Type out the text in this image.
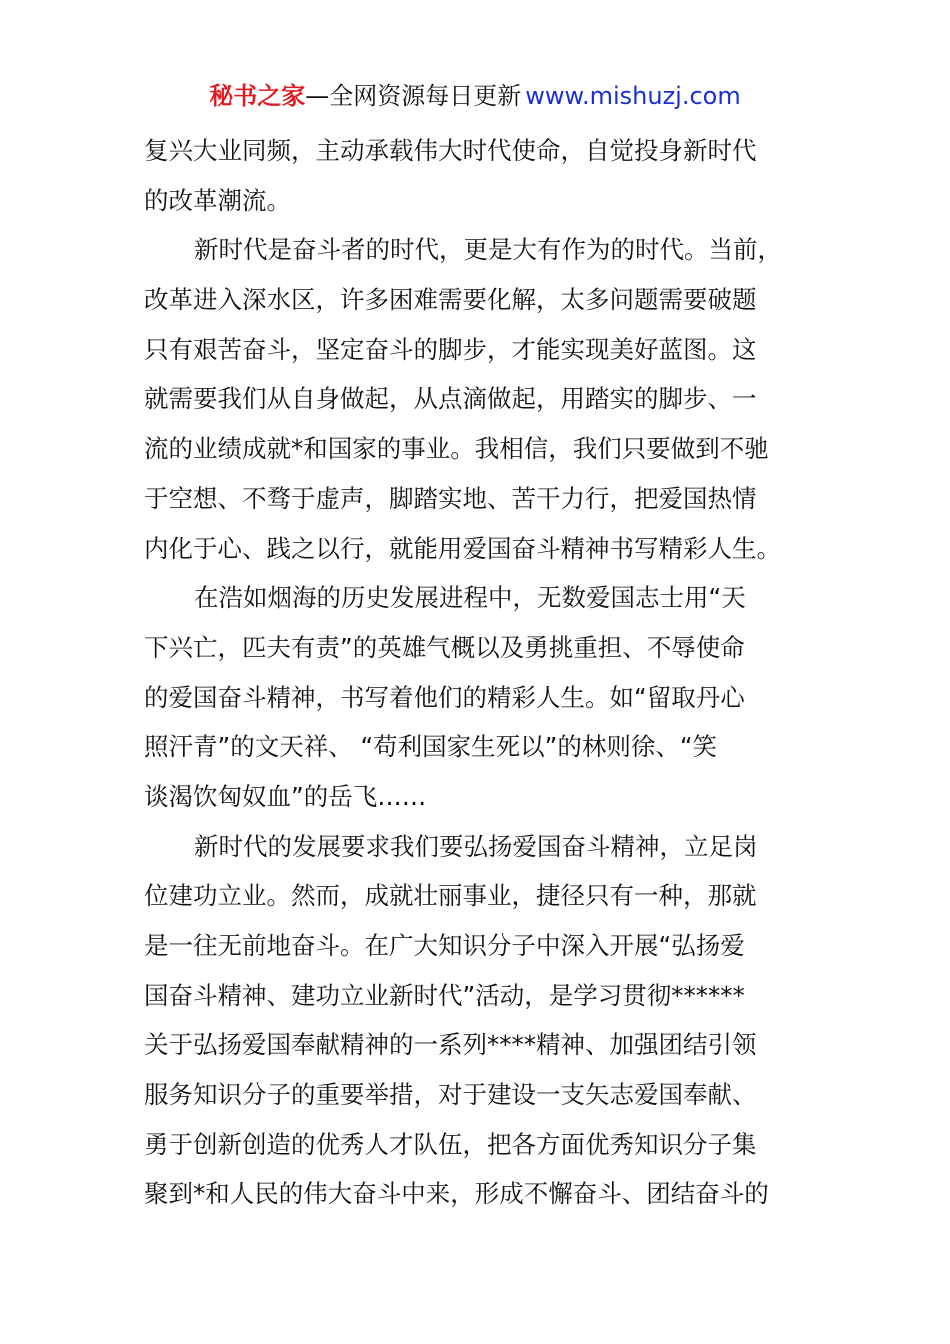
秘书之家—全网资源每日更新 www.mishuzj.com
复兴大业同频，主动承载伟大时代使命，自觉投身新时代
的改革潮流。
新时代是奋斗者的时代，更是大有作为的时代。当前，
改革进入深水区，许多困难需要化解，太多问题需要破题
只有艰苦奋斗，坚定奋斗的脚步，才能实现美好蓝图。这
就需要我们从自身做起，从点滴做起，用踏实的脚步、一
流的业绩成就*和国家的事业。我相信，我们只要做到不驰
于空想、不骛于虚声，脚踏实地、苦干力行，把爱国热情
内化于心、践之以行，就能用爱国奋斗精神书写精彩人生。
在浩如烟海的历史发展进程中，无数爱国志士用“天
下兴亡，匹夫有责”的英雄气概以及勇挑重担、不辱使命
的爱国奋斗精神，书写着他们的精彩人生。如“留取丹心
照汗青”的文天祥、 “苟利国家生死以”的林则徐、“笑
谈渴饮匈奴血”的岳飞……
新时代的发展要求我们要弘扬爱国奋斗精神，立足岗
位建功立业。然而，成就壮丽事业，捷径只有一种，那就
是一往无前地奋斗。在广大知识分子中深入开展“弘扬爱
国奋斗精神、建功立业新时代”活动，是学习贯彻******
关于弘扬爱国奉献精神的一系列****精神、加强团结引领
服务知识分子的重要举措，对于建设一支矢志爱国奉献、
勇于创新创造的优秀人才队伍，把各方面优秀知识分子集
聚到*和人民的伟大奋斗中来，形成不懈奋斗、团结奋斗的
